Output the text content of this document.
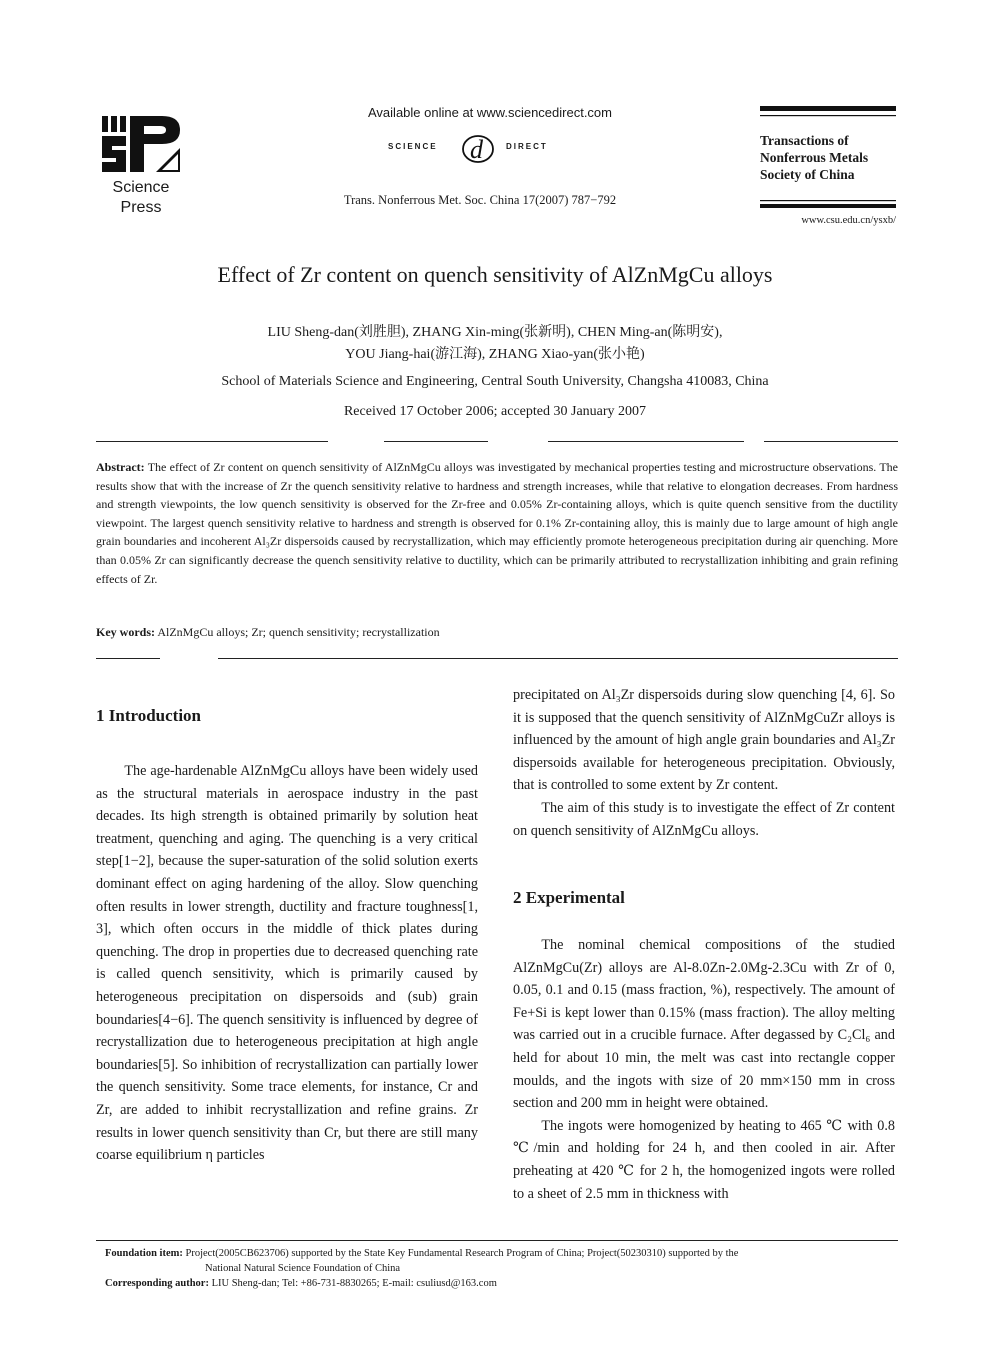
Science
Press
Available online at www.sciencedirect.com
SCIENCE d	DIRECT
Trans. Nonferrous Met. Soc. China 17(2007) 787−792
Transactions of
Nonferrous Metals
Society of China
www.csu.edu.cn/ysxb/
Effect of Zr content on quench sensitivity of AlZnMgCu alloys
LIU Sheng-dan(刘胜胆), ZHANG Xin-ming(张新明), CHEN Ming-an(陈明安),
YOU Jiang-hai(游江海), ZHANG Xiao-yan(张小艳)
School of Materials Science and Engineering, Central South University, Changsha 410083, China
Received 17 October 2006; accepted 30 January 2007
Abstract: The effect of Zr content on quench sensitivity of AlZnMgCu alloys was investigated by mechanical properties testing and microstructure observations. The results show that with the increase of Zr the quench sensitivity relative to hardness and strength increases, while that relative to elongation decreases. From hardness and strength viewpoints, the low quench sensitivity is observed for the Zr-free and 0.05% Zr-containing alloys, which is quite quench sensitive from the ductility viewpoint. The largest quench sensitivity relative to hardness and strength is observed for 0.1% Zr-containing alloy, this is mainly due to large amount of high angle grain boundaries and incoherent Al₃Zr dispersoids caused by recrystallization, which may efficiently promote heterogeneous precipitation during air quenching. More than 0.05% Zr can significantly decrease the quench sensitivity relative to ductility, which can be primarily attributed to recrystallization inhibiting and grain refining effects of Zr.
Key words: AlZnMgCu alloys; Zr; quench sensitivity; recrystallization
1 Introduction

The age-hardenable AlZnMgCu alloys have been widely used as the structural materials in aerospace industry in the past decades. Its high strength is obtained primarily by solution heat treatment, quenching and aging. The quenching is a very critical step[1−2], because the super-saturation of the solid solution exerts dominant effect on aging hardening of the alloy. Slow quenching often results in lower strength, ductility and fracture toughness[1, 3], which often occurs in the middle of thick plates during quenching. The drop in properties due to decreased quenching rate is called quench sensitivity, which is primarily caused by heterogeneous precipitation on dispersoids and (sub) grain boundaries[4−6]. The quench sensitivity is influenced by degree of recrystallization due to heterogeneous precipitation at high angle boundaries[5]. So inhibition of recrystallization can partially lower the quench sensitivity. Some trace elements, for instance, Cr and Zr, are added to inhibit recrystallization and refine grains. Zr results in lower quench sensitivity than Cr, but there are still many coarse equilibrium η particles

precipitated on Al₃Zr dispersoids during slow quenching [4, 6]. So it is supposed that the quench sensitivity of AlZnMgCuZr alloys is influenced by the amount of high angle grain boundaries and Al₃Zr dispersoids available for heterogeneous precipitation. Obviously, that is controlled to some extent by Zr content.

The aim of this study is to investigate the effect of Zr content on quench sensitivity of AlZnMgCu alloys.

2 Experimental

The nominal chemical compositions of the studied AlZnMgCu(Zr) alloys are Al-8.0Zn-2.0Mg-2.3Cu with Zr of 0, 0.05, 0.1 and 0.15 (mass fraction, %), respectively. The amount of Fe+Si is kept lower than 0.15% (mass fraction). The alloy melting was carried out in a crucible furnace. After degassed by C₂Cl₆ and held for about 10 min, the melt was cast into rectangle copper moulds, and the ingots with size of 20 mm×150 mm in cross section and 200 mm in height were obtained.

The ingots were homogenized by heating to 465 ℃ with 0.8 ℃/min and holding for 24 h, and then cooled in air. After preheating at 420 ℃ for 2 h, the homogenized ingots were rolled to a sheet of 2.5 mm in thickness with

Foundation item:
Project(2005CB623706) supported by the State Key Fundamental Research Program of China; Project(50230310) supported by the
National Natural Science Foundation of China
Corresponding author:
LIU Sheng-dan; Tel: +86-731-8830265; E-mail: csuliusd@163.com
